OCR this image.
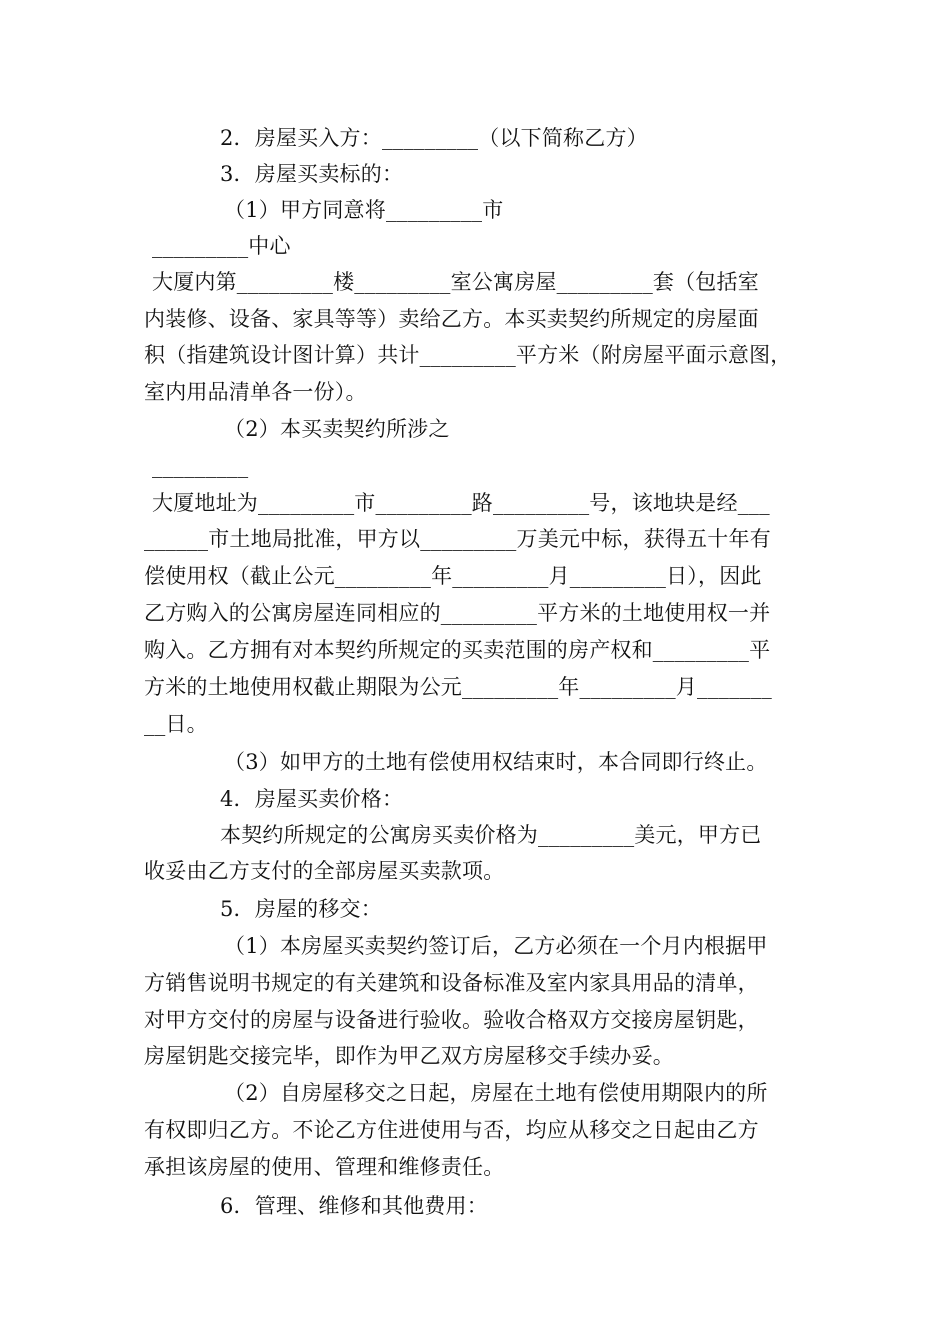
2．房屋买入方：_________（以下简称乙方）
3．房屋买卖标的：
（1）甲方同意将_________市
_________中心
大厦内第_________楼_________室公寓房屋_________套（包括室
内装修、设备、家具等等）卖给乙方。本买卖契约所规定的房屋面
积（指建筑设计图计算）共计_________平方米（附房屋平面示意图，
室内用品清单各一份）。
（2）本买卖契约所涉之
_________
大厦地址为_________市_________路_________号，该地块是经___
______市土地局批准，甲方以_________万美元中标，获得五十年有
偿使用权（截止公元_________年_________月_________日），因此
乙方购入的公寓房屋连同相应的_________平方米的土地使用权一并
购入。乙方拥有对本契约所规定的买卖范围的房产权和_________平
方米的土地使用权截止期限为公元_________年_________月_______
__日。
（3）如甲方的土地有偿使用权结束时，本合同即行终止。
4．房屋买卖价格：
本契约所规定的公寓房买卖价格为_________美元，甲方已
收妥由乙方支付的全部房屋买卖款项。
5．房屋的移交：
（1）本房屋买卖契约签订后，乙方必须在一个月内根据甲
方销售说明书规定的有关建筑和设备标准及室内家具用品的清单，
对甲方交付的房屋与设备进行验收。验收合格双方交接房屋钥匙，
房屋钥匙交接完毕，即作为甲乙双方房屋移交手续办妥。
（2）自房屋移交之日起，房屋在土地有偿使用期限内的所
有权即归乙方。不论乙方住进使用与否，均应从移交之日起由乙方
承担该房屋的使用、管理和维修责任。
6．管理、维修和其他费用：
